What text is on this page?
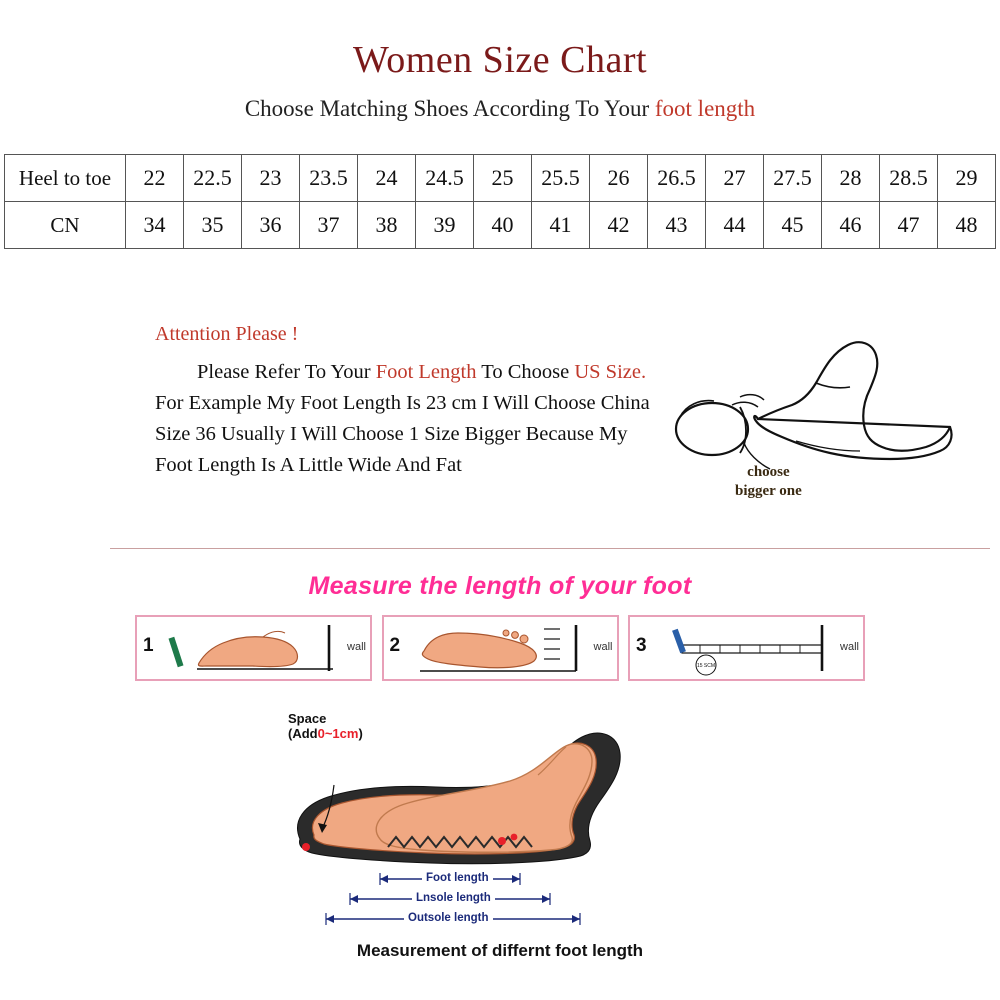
Women Size Chart
Choose Matching Shoes According To Your foot length
Heel to toe	22	22.5	23	23.5	24	24.5	25	25.5	26	26.5	27	27.5	28	28.5	29
CN	34	35	36	37	38	39	40	41	42	43	44	45	46	47	48
Attention Please !
Please Refer To Your Foot Length To Choose US Size.
For Example My Foot Length Is 23 cm I Will Choose China
Size 36 Usually I Will Choose 1 Size Bigger Because My
Foot Length Is A Little Wide And Fat	choose
bigger one
Measure the length of your foot
1	wall 2	wall 3
15 SCM
wall
Space
(Add0~1cm)
Foot length
Lnsole length
Outsole length
Measurement of differnt foot length
